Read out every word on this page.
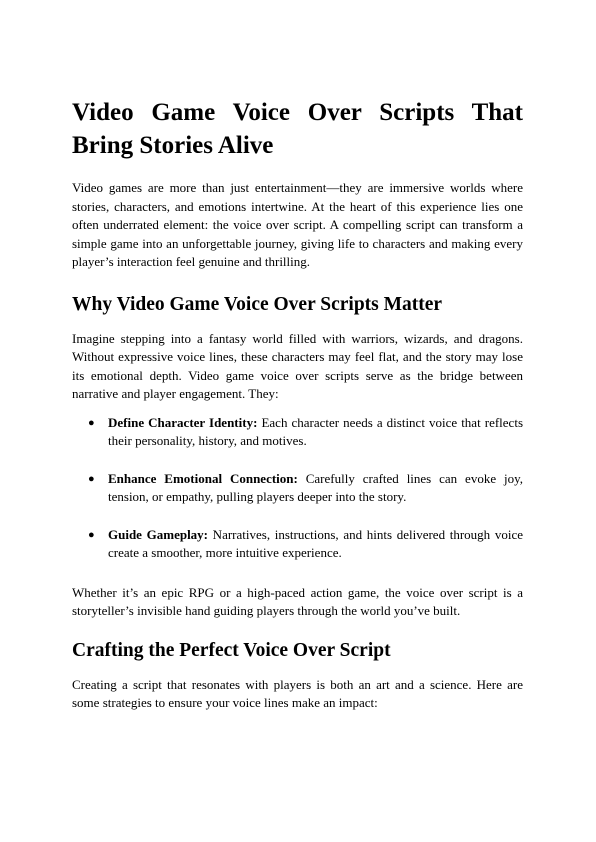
Video Game Voice Over Scripts That
Bring Stories Alive

Video games are more than just entertainment—they are immersive worlds where stories, characters, and emotions intertwine. At the heart of this experience lies one often underrated element: the voice over script. A compelling script can transform a simple game into an unforgettable journey, giving life to characters and making every player’s interaction feel genuine and thrilling.

Why Video Game Voice Over Scripts Matter

Imagine stepping into a fantasy world filled with warriors, wizards, and dragons. Without expressive voice lines, these characters may feel flat, and the story may lose its emotional depth. Video game voice over scripts serve as the bridge between narrative and player engagement. They:

● Define Character Identity: Each character needs a distinct voice that reflects their personality, history, and motives.
● Enhance Emotional Connection: Carefully crafted lines can evoke joy, tension, or empathy, pulling players deeper into the story.
● Guide Gameplay: Narratives, instructions, and hints delivered through voice create a smoother, more intuitive experience.

Whether it’s an epic RPG or a high-paced action game, the voice over script is a storyteller’s invisible hand guiding players through the world you’ve built.

Crafting the Perfect Voice Over Script

Creating a script that resonates with players is both an art and a science. Here are some strategies to ensure your voice lines make an impact:
